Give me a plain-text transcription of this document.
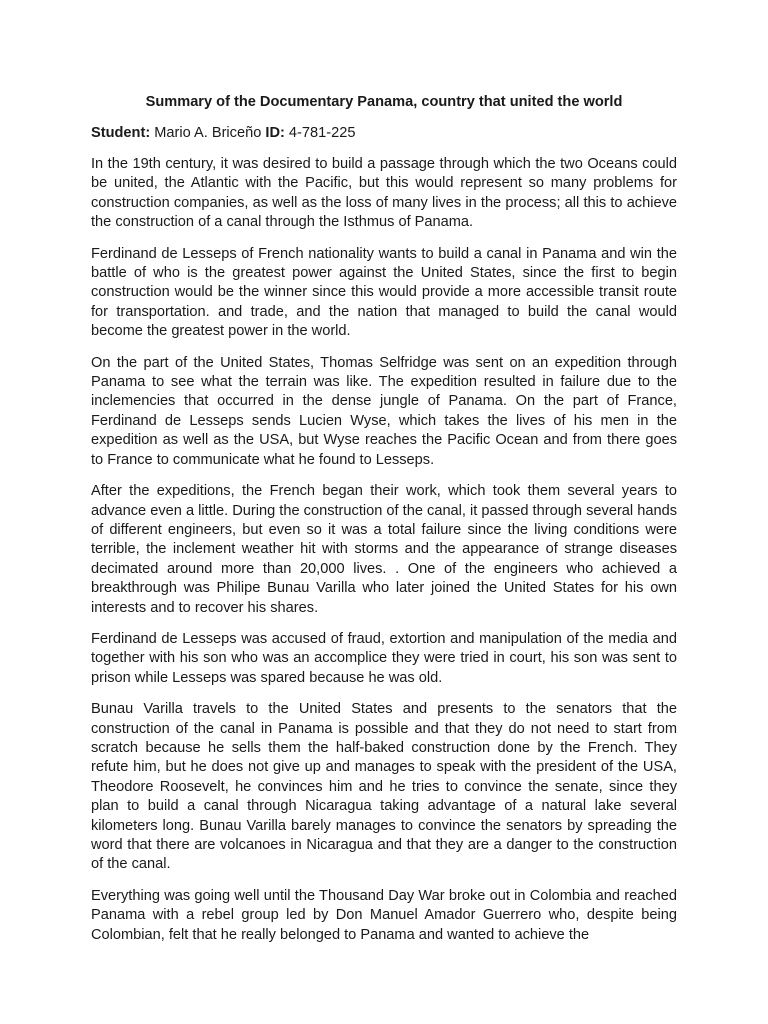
Summary of the Documentary Panama, country that united the world

Student: Mario A. Briceño ID: 4-781-225

In the 19th century, it was desired to build a passage through which the two Oceans could be united, the Atlantic with the Pacific, but this would represent so many problems for construction companies, as well as the loss of many lives in the process; all this to achieve the construction of a canal through the Isthmus of Panama.

Ferdinand de Lesseps of French nationality wants to build a canal in Panama and win the battle of who is the greatest power against the United States, since the first to begin construction would be the winner since this would provide a more accessible transit route for transportation. and trade, and the nation that managed to build the canal would become the greatest power in the world.

On the part of the United States, Thomas Selfridge was sent on an expedition through Panama to see what the terrain was like. The expedition resulted in failure due to the inclemencies that occurred in the dense jungle of Panama. On the part of France, Ferdinand de Lesseps sends Lucien Wyse, which takes the lives of his men in the expedition as well as the USA, but Wyse reaches the Pacific Ocean and from there goes to France to communicate what he found to Lesseps.

After the expeditions, the French began their work, which took them several years to advance even a little. During the construction of the canal, it passed through several hands of different engineers, but even so it was a total failure since the living conditions were terrible, the inclement weather hit with storms and the appearance of strange diseases decimated around more than 20,000 lives. . One of the engineers who achieved a breakthrough was Philipe Bunau Varilla who later joined the United States for his own interests and to recover his shares.

Ferdinand de Lesseps was accused of fraud, extortion and manipulation of the media and together with his son who was an accomplice they were tried in court, his son was sent to prison while Lesseps was spared because he was old.

Bunau Varilla travels to the United States and presents to the senators that the construction of the canal in Panama is possible and that they do not need to start from scratch because he sells them the half-baked construction done by the French. They refute him, but he does not give up and manages to speak with the president of the USA, Theodore Roosevelt, he convinces him and he tries to convince the senate, since they plan to build a canal through Nicaragua taking advantage of a natural lake several kilometers long. Bunau Varilla barely manages to convince the senators by spreading the word that there are volcanoes in Nicaragua and that they are a danger to the construction of the canal.

Everything was going well until the Thousand Day War broke out in Colombia and reached Panama with a rebel group led by Don Manuel Amador Guerrero who, despite being Colombian, felt that he really belonged to Panama and wanted to achieve the
